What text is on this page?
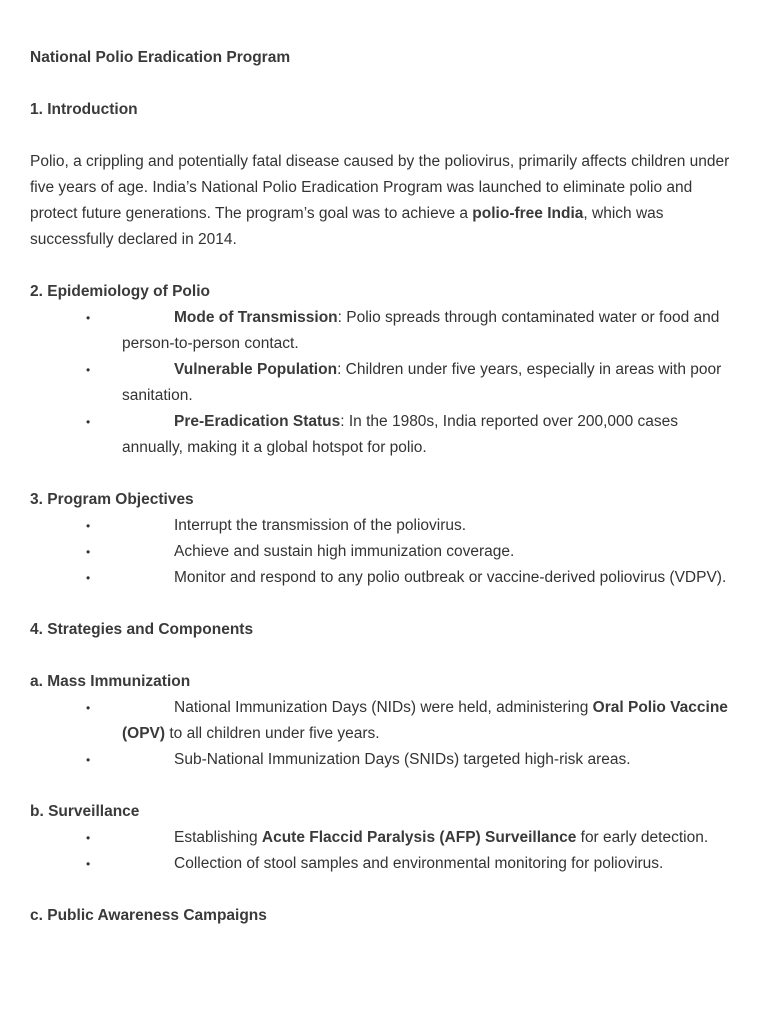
National Polio Eradication Program
1. Introduction

Polio, a crippling and potentially fatal disease caused by the poliovirus, primarily affects children under five years of age. India’s National Polio Eradication Program was launched to eliminate polio and protect future generations. The program’s goal was to achieve a polio-free India, which was successfully declared in 2014.

2. Epidemiology of Polio
•	Mode of Transmission: Polio spreads through contaminated water or food and person-to-person contact.
•	Vulnerable Population: Children under five years, especially in areas with poor sanitation.
•	Pre-Eradication Status: In the 1980s, India reported over 200,000 cases annually, making it a global hotspot for polio.
3. Program Objectives
•	Interrupt the transmission of the poliovirus.
•	Achieve and sustain high immunization coverage.
•	Monitor and respond to any polio outbreak or vaccine-derived poliovirus (VDPV).
4. Strategies and Components
a. Mass Immunization
•	National Immunization Days (NIDs) were held, administering Oral Polio Vaccine (OPV) to all children under five years.
•	Sub-National Immunization Days (SNIDs) targeted high-risk areas.
b. Surveillance
•	Establishing Acute Flaccid Paralysis (AFP) Surveillance for early detection.
•	Collection of stool samples and environmental monitoring for poliovirus.
c. Public Awareness Campaigns
